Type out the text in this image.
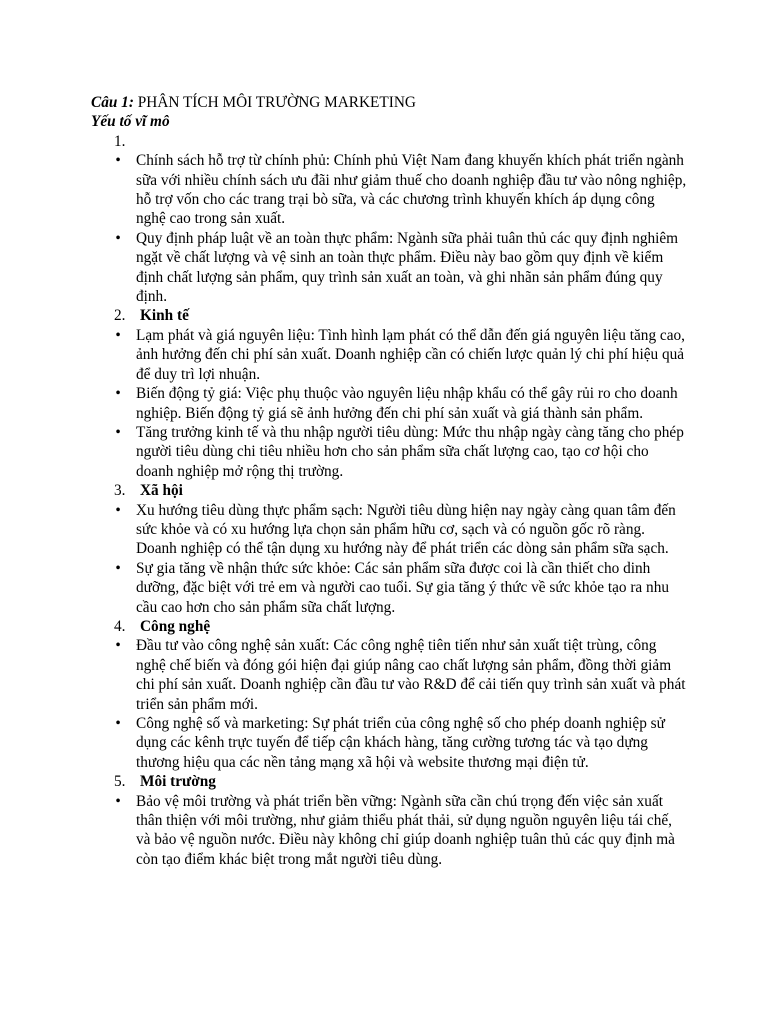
Câu 1: PHÂN TÍCH MÔI TRƯỜNG MARKETING

Yếu tố vĩ mô

1.
• Chính sách hỗ trợ từ chính phủ: Chính phủ Việt Nam đang khuyến khích phát triển ngành sữa với nhiều chính sách ưu đãi như giảm thuế cho doanh nghiệp đầu tư vào nông nghiệp, hỗ trợ vốn cho các trang trại bò sữa, và các chương trình khuyến khích áp dụng công nghệ cao trong sản xuất.
• Quy định pháp luật về an toàn thực phẩm: Ngành sữa phải tuân thủ các quy định nghiêm ngặt về chất lượng và vệ sinh an toàn thực phẩm. Điều này bao gồm quy định về kiểm định chất lượng sản phẩm, quy trình sản xuất an toàn, và ghi nhãn sản phẩm đúng quy định.
2. Kinh tế
• Lạm phát và giá nguyên liệu: Tình hình lạm phát có thể dẫn đến giá nguyên liệu tăng cao, ảnh hưởng đến chi phí sản xuất. Doanh nghiệp cần có chiến lược quản lý chi phí hiệu quả để duy trì lợi nhuận.
• Biến động tỷ giá: Việc phụ thuộc vào nguyên liệu nhập khẩu có thể gây rủi ro cho doanh nghiệp. Biến động tỷ giá sẽ ảnh hưởng đến chi phí sản xuất và giá thành sản phẩm.
• Tăng trưởng kinh tế và thu nhập người tiêu dùng: Mức thu nhập ngày càng tăng cho phép người tiêu dùng chi tiêu nhiều hơn cho sản phẩm sữa chất lượng cao, tạo cơ hội cho doanh nghiệp mở rộng thị trường.
3. Xã hội
• Xu hướng tiêu dùng thực phẩm sạch: Người tiêu dùng hiện nay ngày càng quan tâm đến sức khỏe và có xu hướng lựa chọn sản phẩm hữu cơ, sạch và có nguồn gốc rõ ràng. Doanh nghiệp có thể tận dụng xu hướng này để phát triển các dòng sản phẩm sữa sạch.
• Sự gia tăng về nhận thức sức khỏe: Các sản phẩm sữa được coi là cần thiết cho dinh dưỡng, đặc biệt với trẻ em và người cao tuổi. Sự gia tăng ý thức về sức khỏe tạo ra nhu cầu cao hơn cho sản phẩm sữa chất lượng.
4. Công nghệ
• Đầu tư vào công nghệ sản xuất: Các công nghệ tiên tiến như sản xuất tiệt trùng, công nghệ chế biến và đóng gói hiện đại giúp nâng cao chất lượng sản phẩm, đồng thời giảm chi phí sản xuất. Doanh nghiệp cần đầu tư vào R&D để cải tiến quy trình sản xuất và phát triển sản phẩm mới.
• Công nghệ số và marketing: Sự phát triển của công nghệ số cho phép doanh nghiệp sử dụng các kênh trực tuyến để tiếp cận khách hàng, tăng cường tương tác và tạo dựng thương hiệu qua các nền tảng mạng xã hội và website thương mại điện tử.
5. Môi trường
• Bảo vệ môi trường và phát triển bền vững: Ngành sữa cần chú trọng đến việc sản xuất thân thiện với môi trường, như giảm thiểu phát thải, sử dụng nguồn nguyên liệu tái chế, và bảo vệ nguồn nước. Điều này không chỉ giúp doanh nghiệp tuân thủ các quy định mà còn tạo điểm khác biệt trong mắt người tiêu dùng.
